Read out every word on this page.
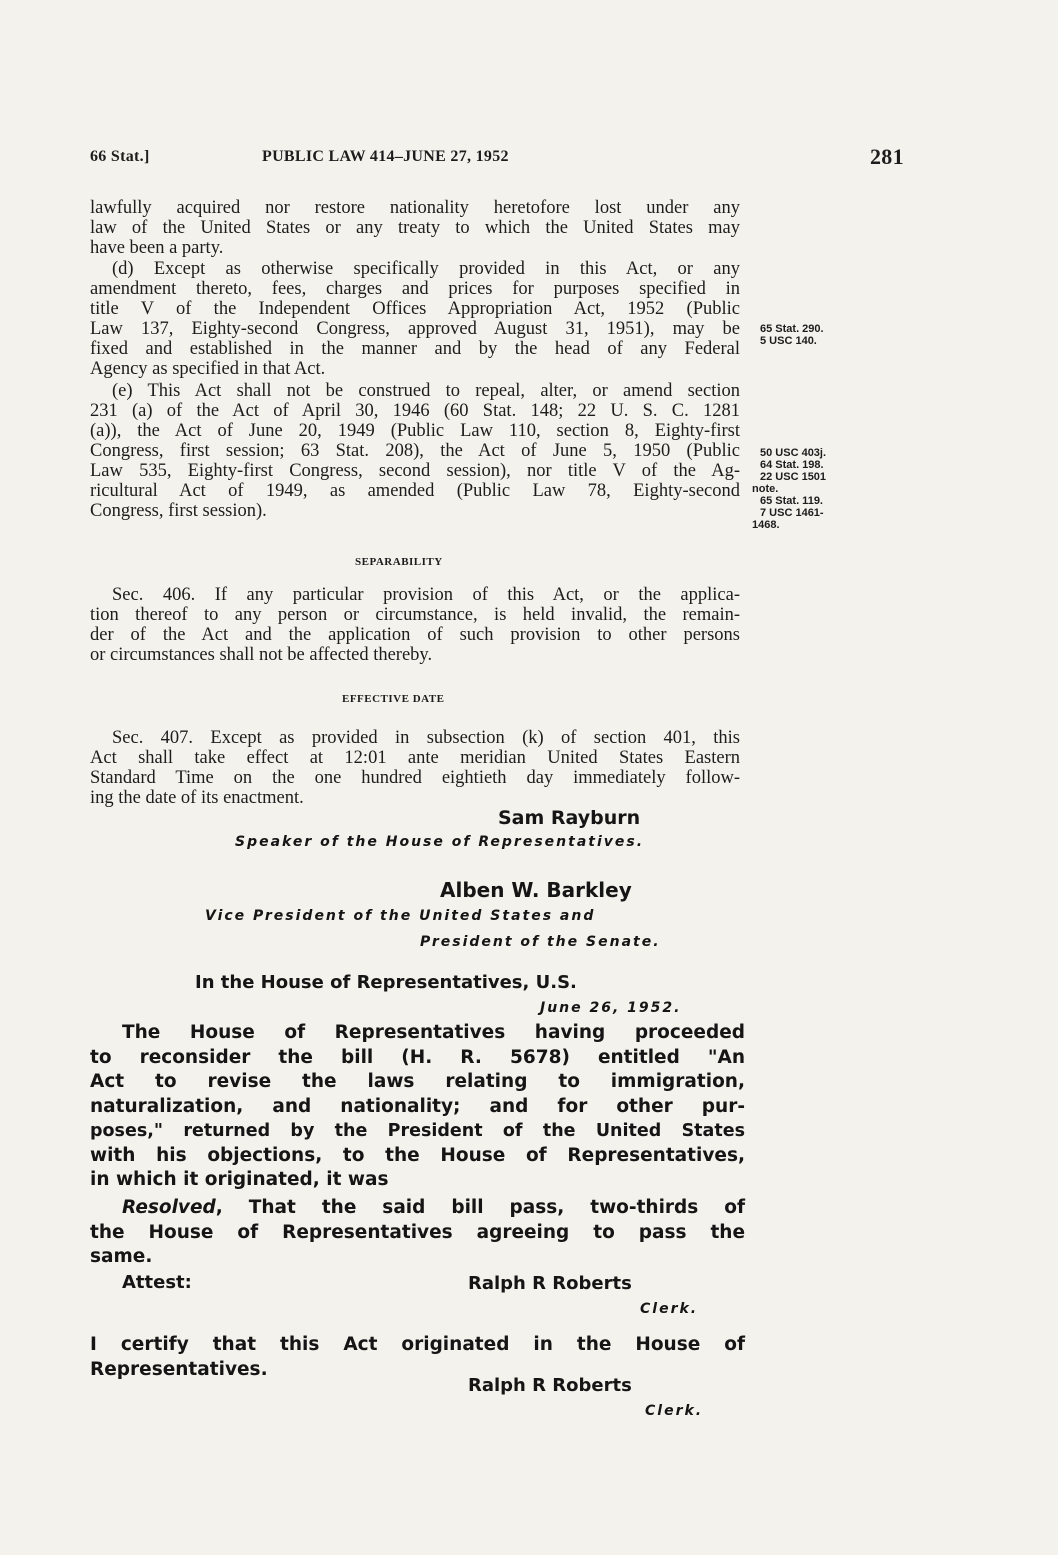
66 Stat.]	PUBLIC LAW 414–JUNE 27, 1952	281
lawfully acquired nor restore nationality heretofore lost under any
law of the United States or any treaty to which the United States may
have been a party.
(d) Except as otherwise specifically provided in this Act, or any
amendment thereto, fees, charges and prices for purposes specified in
title V of the Independent Offices Appropriation Act, 1952 (Public
Law 137, Eighty-second Congress, approved August 31, 1951), may be
fixed and established in the manner and by the head of any Federal
Agency as specified in that Act.
65 Stat. 290.
5 USC 140.
(e) This Act shall not be construed to repeal, alter, or amend section
231 (a) of the Act of April 30, 1946 (60 Stat. 148; 22 U. S. C. 1281
(a)), the Act of June 20, 1949 (Public Law 110, section 8, Eighty-first
Congress, first session; 63 Stat. 208), the Act of June 5, 1950 (Public
Law 535, Eighty-first Congress, second session), nor title V of the Ag-
ricultural Act of 1949, as amended (Public Law 78, Eighty-second
Congress, first session).
50 USC 403j.
64 Stat. 198.
22 USC 1501
note.
65 Stat. 119.
7 USC 1461-
1468.
SEPARABILITY
Sec. 406. If any particular provision of this Act, or the applica-
tion thereof to any person or circumstance, is held invalid, the remain-
der of the Act and the application of such provision to other persons
or circumstances shall not be affected thereby.
EFFECTIVE DATE
Sec. 407. Except as provided in subsection (k) of section 401, this
Act shall take effect at 12:01 ante meridian United States Eastern
Standard Time on the one hundred eightieth day immediately follow-
ing the date of its enactment.
Sam Rayburn
Speaker of the House of Representatives.
Alben W. Barkley
Vice President of the United States and
President of the Senate.
In the House of Representatives, U.S.
June 26, 1952.
The House of Representatives having proceeded
to reconsider the bill (H. R. 5678) entitled "An
Act to revise the laws relating to immigration,
naturalization, and nationality; and for other pur-
poses," returned by the President of the United States
with his objections, to the House of Representatives,
in which it originated, it was
Resolved, That the said bill pass, two-thirds of
the House of Representatives agreeing to pass the
same.
Attest:	Ralph R Roberts
Clerk.
I certify that this Act originated in the House of
Representatives.
Ralph R Roberts
Clerk.
